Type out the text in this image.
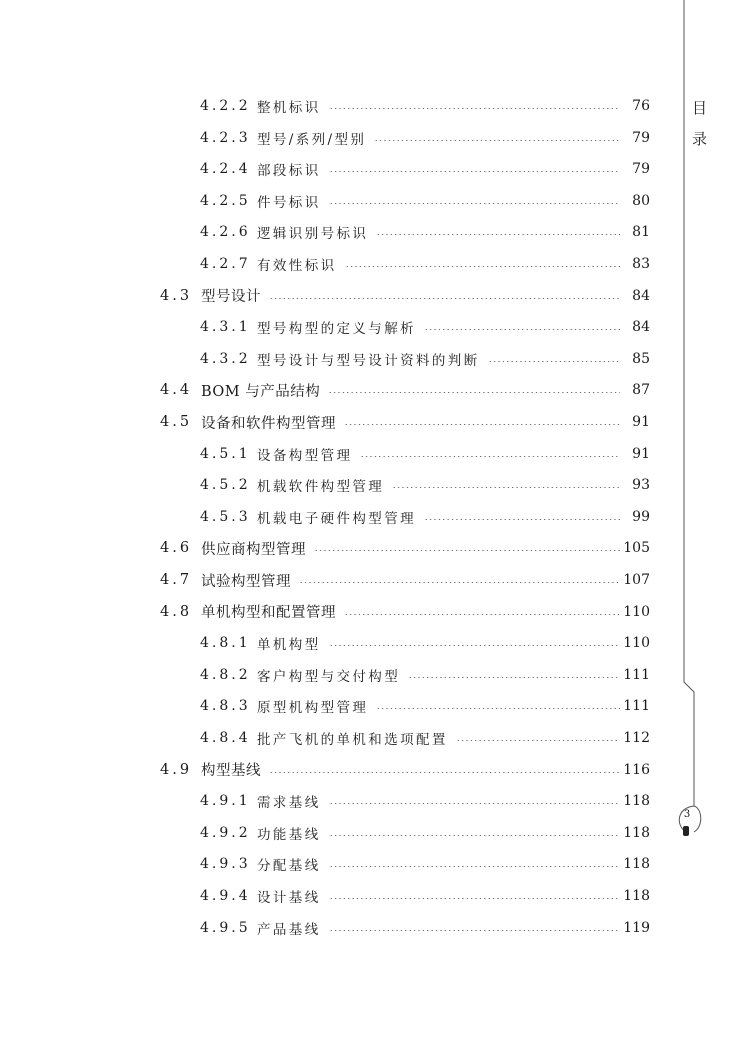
目
录
3
4.2.2 整机标识	76
4.2.3 型号/系列/型别	79
4.2.4 部段标识	79
4.2.5 件号标识	80
4.2.6 逻辑识别号标识	81
4.2.7 有效性标识	83
4.3 型号设计	84
4.3.1 型号构型的定义与解析	84
4.3.2 型号设计与型号设计资料的判断	85
4.4 BOM 与产品结构	87
4.5 设备和软件构型管理	91
4.5.1 设备构型管理	91
4.5.2 机载软件构型管理	93
4.5.3 机载电子硬件构型管理	99
4.6 供应商构型管理	105
4.7 试验构型管理	107
4.8 单机构型和配置管理	110
4.8.1 单机构型	110
4.8.2 客户构型与交付构型	111
4.8.3 原型机构型管理	111
4.8.4 批产飞机的单机和选项配置	112
4.9 构型基线	116
4.9.1 需求基线	118
4.9.2 功能基线	118
4.9.3 分配基线	118
4.9.4 设计基线	118
4.9.5 产品基线	119
